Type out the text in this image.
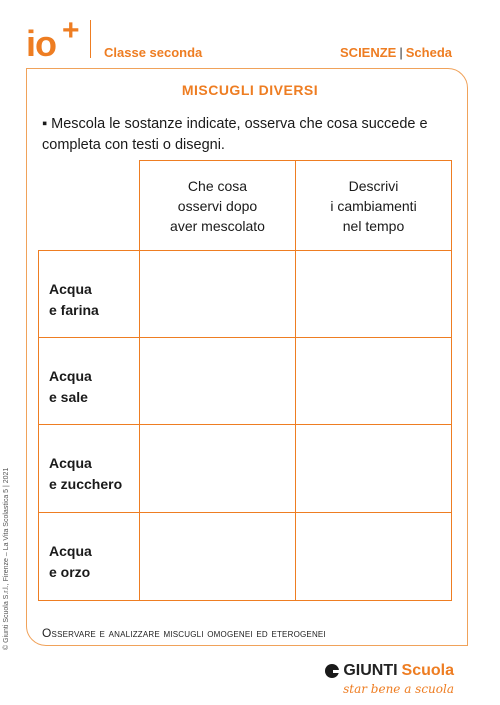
io +
Classe seconda	SCIENZE | Scheda
MISCUGLI DIVERSI
▪ Mescola le sostanze indicate, osserva che cosa succede e completa con testi o disegni.
Che cosa
osservi dopo
aver mescolato
Descrivi
i cambiamenti
nel tempo
Acqua
e farina
Acqua
e sale
Acqua
e zucchero
Acqua
e orzo
Osservare e analizzare miscugli omogenei ed eterogenei
© Giunti Scuola S.r.l., Firenze – La Vita Scolastica 5 | 2021
GIUNTI Scuola
star bene a scuola
